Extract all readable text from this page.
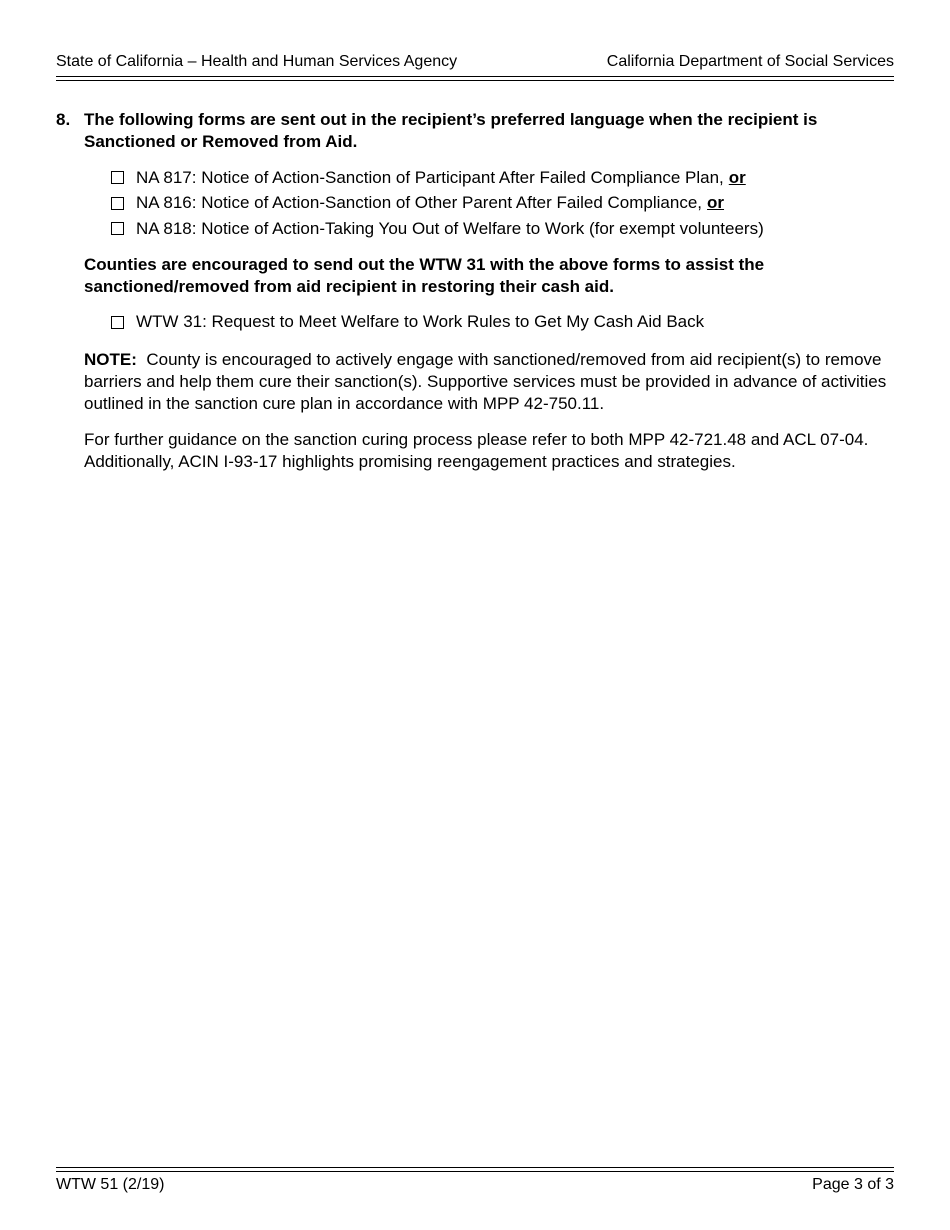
State of California – Health and Human Services Agency	California Department of Social Services
8. The following forms are sent out in the recipient’s preferred language when the recipient is Sanctioned or Removed from Aid.
NA 817: Notice of Action-Sanction of Participant After Failed Compliance Plan, or
NA 816: Notice of Action-Sanction of Other Parent After Failed Compliance, or
NA 818: Notice of Action-Taking You Out of Welfare to Work (for exempt volunteers)
Counties are encouraged to send out the WTW 31 with the above forms to assist the sanctioned/removed from aid recipient in restoring their cash aid.
WTW 31: Request to Meet Welfare to Work Rules to Get My Cash Aid Back
NOTE: County is encouraged to actively engage with sanctioned/removed from aid recipient(s) to remove barriers and help them cure their sanction(s). Supportive services must be provided in advance of activities outlined in the sanction cure plan in accordance with MPP 42-750.11.
For further guidance on the sanction curing process please refer to both MPP 42-721.48 and ACL 07-04. Additionally, ACIN I-93-17 highlights promising reengagement practices and strategies.
WTW 51 (2/19)	Page 3 of 3
